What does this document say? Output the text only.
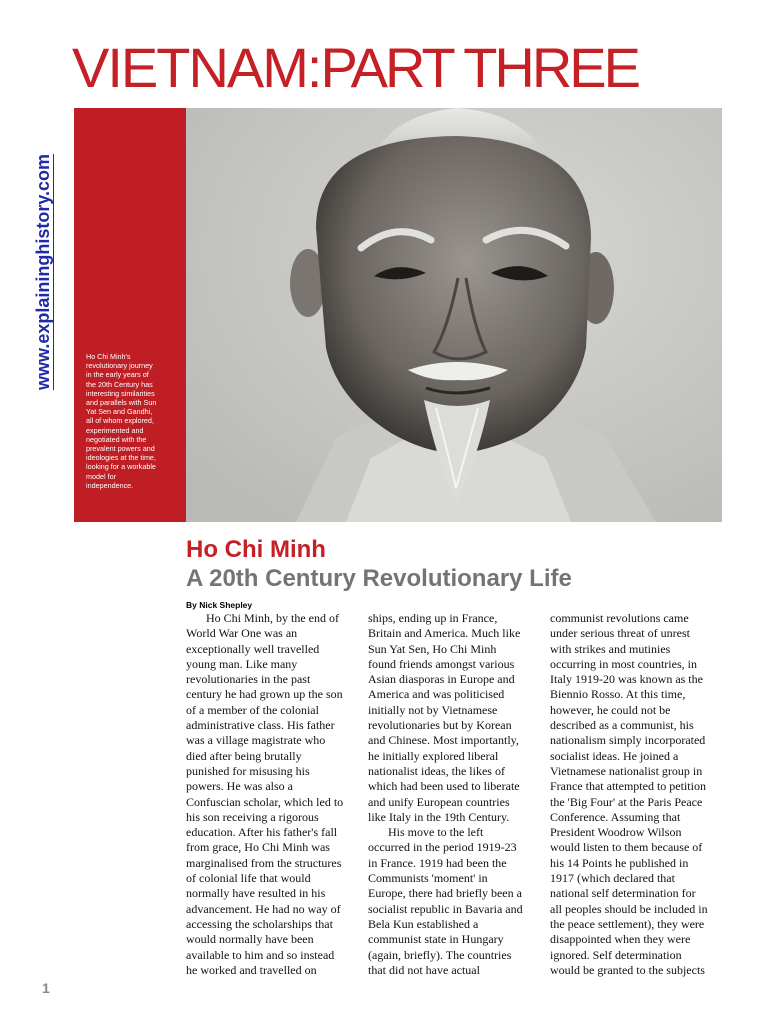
VIETNAM:PART THREE
www.explaininghistory.com	Ho Chi Minh's
revolutionary journey
in the early years of
the 20th Century has
interesting similarities
and parallels with Sun
Yat Sen and Gandhi,
all of whom explored,
experimented and
negotiated with the
prevalent powers and
ideologies at the time,
looking for a workable
model for
independence.

Ho Chi Minh
A 20th Century Revolutionary Life

By Nick Shepley

Ho Chi Minh, by the end of
World War One was an
exceptionally well travelled
young man. Like many
revolutionaries in the past
century he had grown up the son
of a member of the colonial
administrative class. His father
was a village magistrate who
died after being brutally
punished for misusing his
powers. He was also a
Confuscian scholar, which led to
his son receiving a rigorous
education. After his father's fall
from grace, Ho Chi Minh was
marginalised from the structures
of colonial life that would
normally have resulted in his
advancement. He had no way of
accessing the scholarships that
would normally have been
available to him and so instead
he worked and travelled on

ships, ending up in France,
Britain and America. Much like
Sun Yat Sen, Ho Chi Minh
found friends amongst various
Asian diasporas in Europe and
America and was politicised
initially not by Vietnamese
revolutionaries but by Korean
and Chinese. Most importantly,
he initially explored liberal
nationalist ideas, the likes of
which had been used to liberate
and unify European countries
like Italy in the 19th Century.
His move to the left
occurred in the period 1919-23
in France. 1919 had been the
Communists 'moment' in
Europe, there had briefly been a
socialist republic in Bavaria and
Bela Kun established a
communist state in Hungary
(again, briefly). The countries
that did not have actual

communist revolutions came
under serious threat of unrest
with strikes and mutinies
occurring in most countries, in
Italy 1919-20 was known as the
Biennio Rosso. At this time,
however, he could not be
described as a communist, his
nationalism simply incorporated
socialist ideas. He joined a
Vietnamese nationalist group in
France that attempted to petition
the 'Big Four' at the Paris Peace
Conference. Assuming that
President Woodrow Wilson
would listen to them because of
his 14 Points he published in
1917 (which declared that
national self determination for
all peoples should be included in
the peace settlement), they were
disappointed when they were
ignored. Self determination
would be granted to the subjects

1
